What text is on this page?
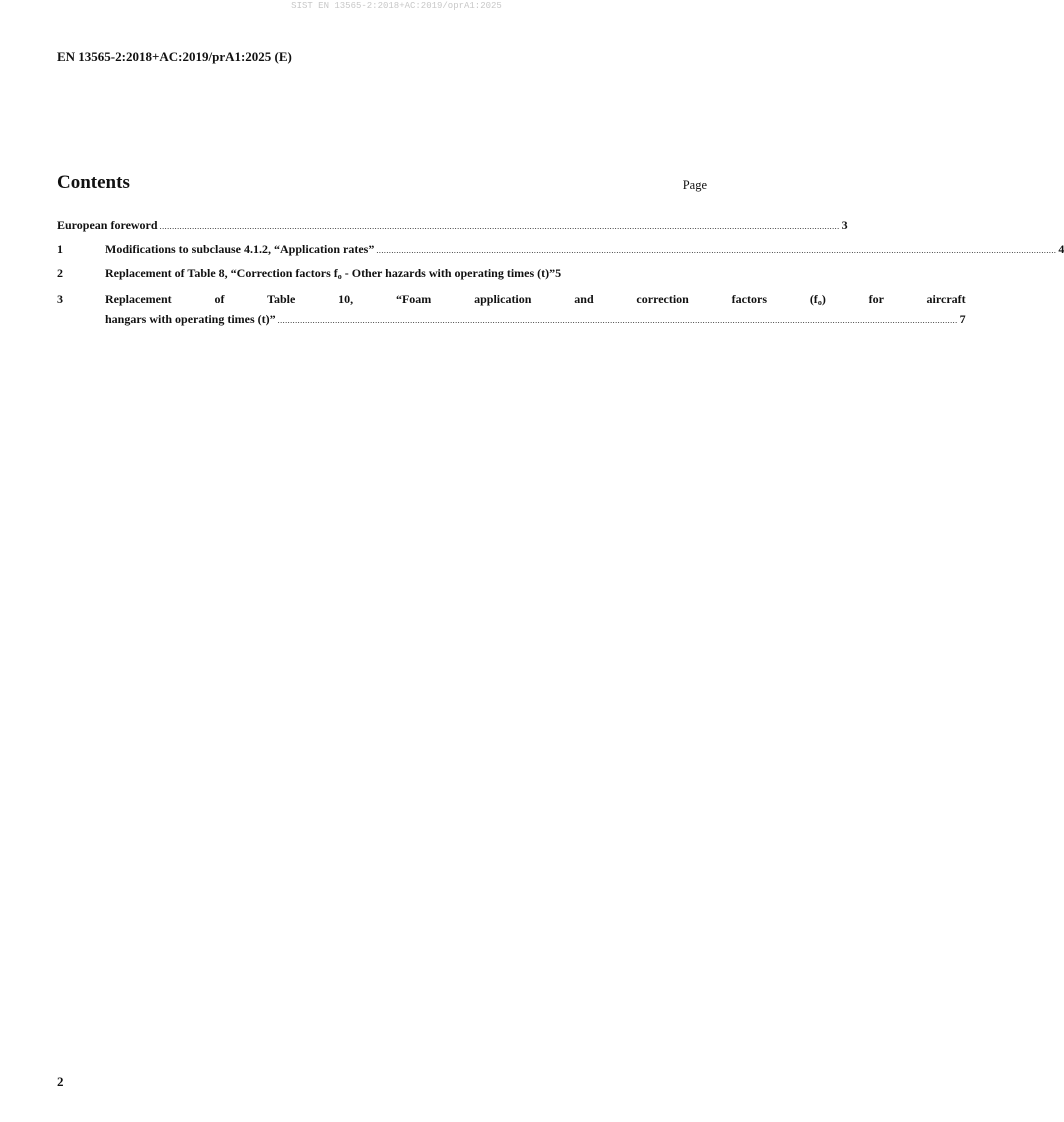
SIST EN 13565-2:2018+AC:2019/oprA1:2025
EN 13565-2:2018+AC:2019/prA1:2025 (E)
Contents	Page
European foreword .....	3
1	Modifications to subclause 4.1.2, “Application rates” .....	4
2	Replacement of Table 8, “Correction factors $f_o$ - Other hazards with operating times (t)” 5
3	Replacement of Table 10, “Foam application and correction factors $(f_o)$ for aircraft
hangars with operating times (t)” .....	7
2
